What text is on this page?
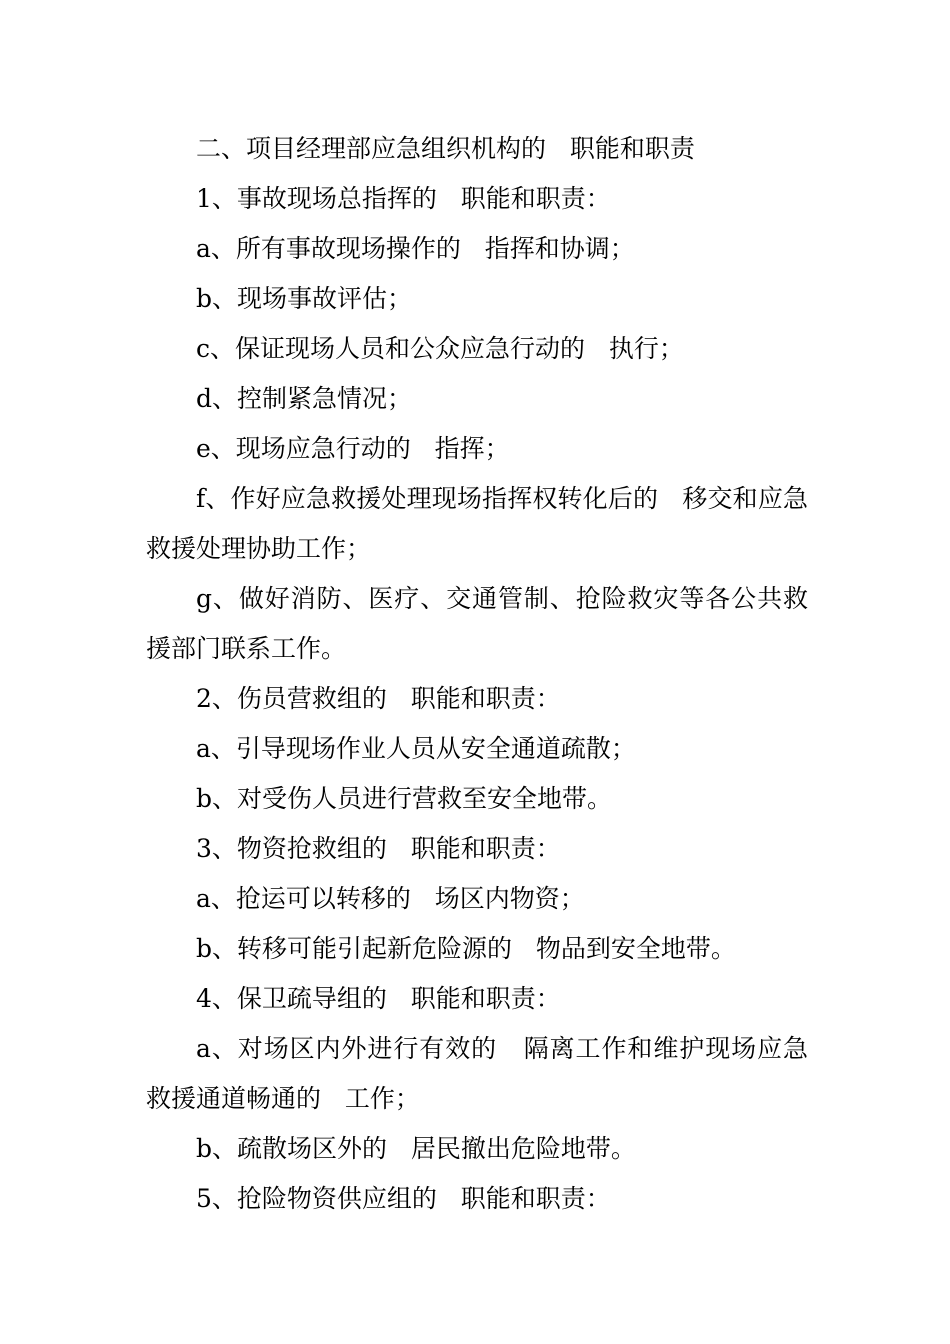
二、项目经理部应急组织机构的   职能和职责

1、事故现场总指挥的   职能和职责：

a、所有事故现场操作的   指挥和协调；

b、现场事故评估；

c、保证现场人员和公众应急行动的   执行；

d、控制紧急情况；

e、现场应急行动的   指挥；

f、作好应急救援处理现场指挥权转化后的   移交和应急救援处理协助工作；

g、做好消防、医疗、交通管制、抢险救灾等各公共救援部门联系工作。

2、伤员营救组的   职能和职责：

a、引导现场作业人员从安全通道疏散；

b、对受伤人员进行营救至安全地带。

3、物资抢救组的   职能和职责：

a、抢运可以转移的   场区内物资；

b、转移可能引起新危险源的   物品到安全地带。

4、保卫疏导组的   职能和职责：

a、对场区内外进行有效的   隔离工作和维护现场应急救援通道畅通的   工作；

b、疏散场区外的   居民撤出危险地带。

5、抢险物资供应组的   职能和职责：
